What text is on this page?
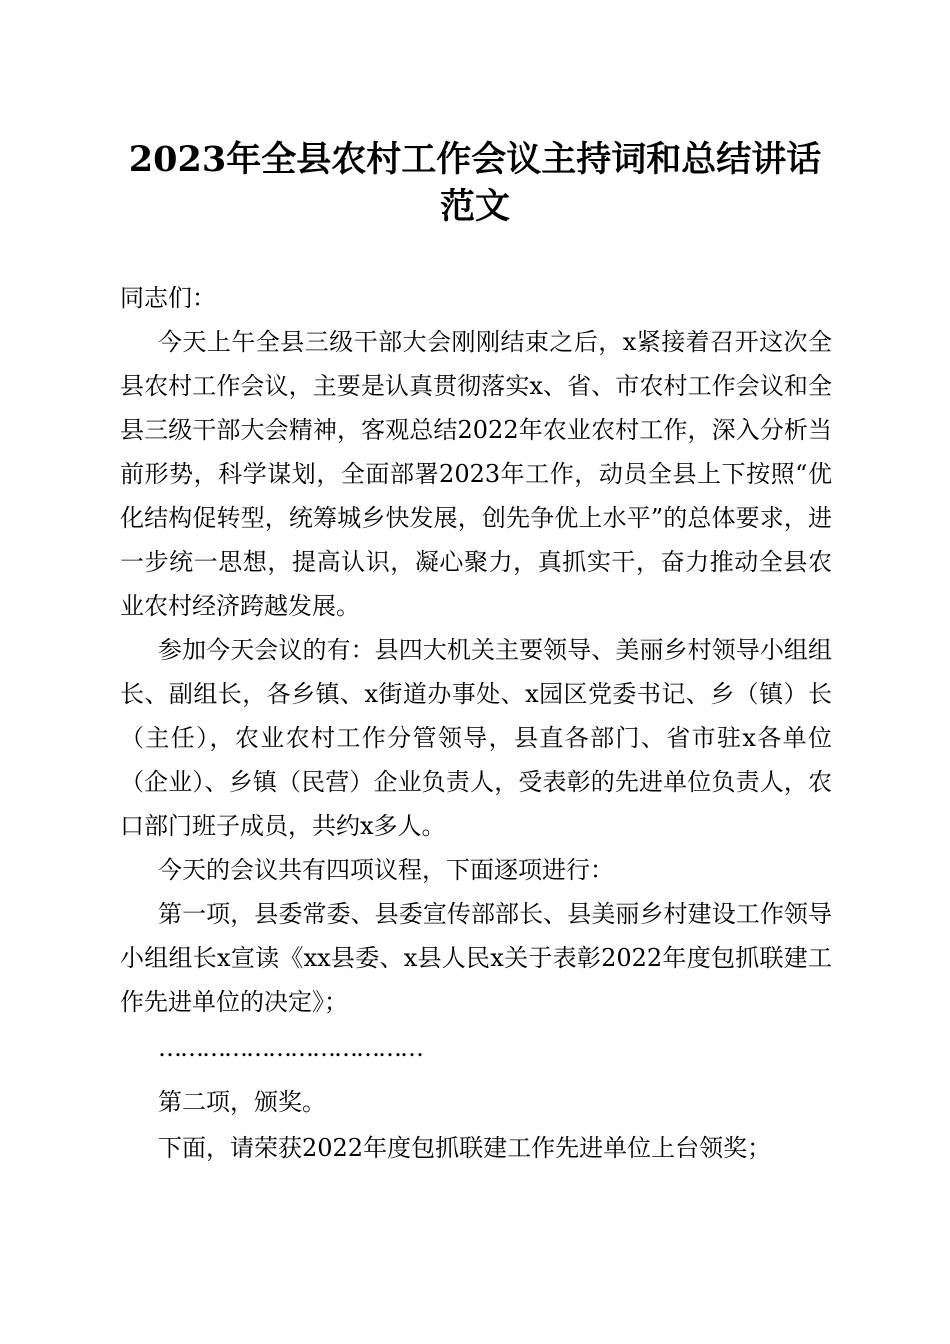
2023年全县农村工作会议主持词和总结讲话
范文

同志们：

今天上午全县三级干部大会刚刚结束之后，x紧接着召开这次全县农村工作会议，主要是认真贯彻落实x、省、市农村工作会议和全县三级干部大会精神，客观总结2022年农业农村工作，深入分析当前形势，科学谋划，全面部署2023年工作，动员全县上下按照“优化结构促转型，统筹城乡快发展，创先争优上水平”的总体要求，进一步统一思想，提高认识，凝心聚力，真抓实干，奋力推动全县农业农村经济跨越发展。

参加今天会议的有：县四大机关主要领导、美丽乡村领导小组组长、副组长，各乡镇、x街道办事处、x园区党委书记、乡（镇）长（主任），农业农村工作分管领导，县直各部门、省市驻x各单位（企业）、乡镇（民营）企业负责人，受表彰的先进单位负责人，农口部门班子成员，共约x多人。

今天的会议共有四项议程，下面逐项进行：

第一项，县委常委、县委宣传部部长、县美丽乡村建设工作领导小组组长x宣读《xx县委、x县人民x关于表彰2022年度包抓联建工作先进单位的决定》；

………………………………

第二项，颁奖。

下面，请荣获2022年度包抓联建工作先进单位上台领奖；
